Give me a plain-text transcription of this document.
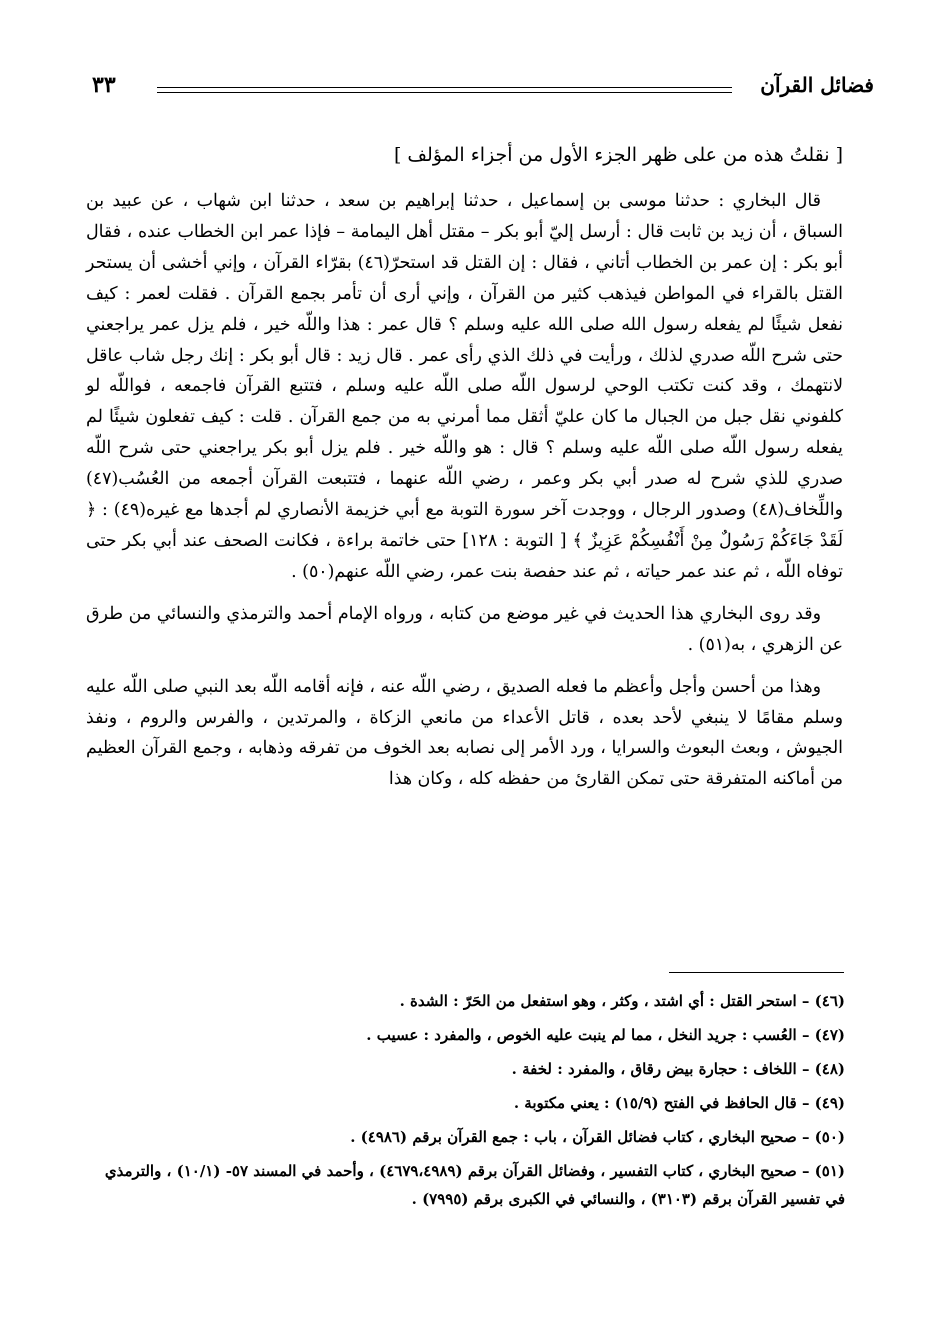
فضائل القرآن
٣٣
[ نقلتُ هذه من على ظهر الجزء الأول من أجزاء المؤلف ]

قال البخاري : حدثنا موسى بن إسماعيل ، حدثنا إبراهيم بن سعد ، حدثنا ابن شهاب ، عن عبيد بن السباق ، أن زيد بن ثابت قال : أرسل إليّ أبو بكر – مقتل أهل اليمامة – فإذا عمر ابن الخطاب عنده ، فقال أبو بكر : إن عمر بن الخطاب أتاني ، فقال : إن القتل قد استحرّ(٤٦) بقرّاء القرآن ، وإني أخشى أن يستحر القتل بالقراء في المواطن فيذهب كثير من القرآن ، وإني أرى أن تأمر بجمع القرآن . فقلت لعمر : كيف نفعل شيئًا لم يفعله رسول الله صلى الله عليه وسلم ؟ قال عمر : هذا واللّه خير ، فلم يزل عمر يراجعني حتى شرح اللّه صدري لذلك ، ورأيت في ذلك الذي رأى عمر . قال زيد : قال أبو بكر : إنك رجل شاب عاقل لانتهمك ، وقد كنت تكتب الوحي لرسول اللّه صلى اللّه عليه وسلم ، فتتبع القرآن فاجمعه ، فواللّه لو كلفوني نقل جبل من الجبال ما كان عليّ أثقل مما أمرني به من جمع القرآن . قلت : كيف تفعلون شيئًا لم يفعله رسول اللّه صلى اللّه عليه وسلم ؟ قال : هو واللّه خير . فلم يزل أبو بكر يراجعني حتى شرح اللّه صدري للذي شرح له صدر أبي بكر وعمر ، رضي اللّه عنهما ، فتتبعت القرآن أجمعه من العُسُب(٤٧) واللِّخاف(٤٨) وصدور الرجال ، ووجدت آخر سورة التوبة مع أبي خزيمة الأنصاري لم أجدها مع غيره(٤٩) : ﴿ لَقَدْ جَاءَكُمْ رَسُولٌ مِنْ أَنْفُسِكُمْ عَزِيزٌ ﴾ [ التوبة : ١٢٨] حتى خاتمة براءة ، فكانت الصحف عند أبي بكر حتى توفاه اللّه ، ثم عند عمر حياته ، ثم عند حفصة بنت عمر، رضي اللّه عنهم(٥٠) .

وقد روى البخاري هذا الحديث في غير موضع من كتابه ، ورواه الإمام أحمد والترمذي والنسائي من طرق عن الزهري ، به(٥١) .

وهذا من أحسن وأجل وأعظم ما فعله الصديق ، رضي اللّه عنه ، فإنه أقامه اللّه بعد النبي صلى اللّه عليه وسلم مقامًا لا ينبغي لأحد بعده ، قاتل الأعداء من مانعي الزكاة ، والمرتدين ، والفرس والروم ، ونفذ الجيوش ، وبعث البعوث والسرايا ، ورد الأمر إلى نصابه بعد الخوف من تفرقه وذهابه ، وجمع القرآن العظيم من أماكنه المتفرقة حتى تمكن القارئ من حفظه كله ، وكان هذا

(٤٦) – استحر القتل : أي اشتد ، وكثر ، وهو استفعل من الحَرّ : الشدة .
(٤٧) – العُسب : جريد النخل ، مما لم ينبت عليه الخوص ، والمفرد : عسيب .
(٤٨) – اللخاف : حجارة بيض رقاق ، والمفرد : لخفة .
(٤٩) – قال الحافظ في الفتح (١٥/٩) : يعني مكتوبة .
(٥٠) – صحيح البخاري ، كتاب فضائل القرآن ، باب : جمع القرآن برقم (٤٩٨٦) .
(٥١) – صحيح البخاري ، كتاب التفسير ، وفضائل القرآن برقم (٤٦٧٩،٤٩٨٩) ، وأحمد في المسند ٥٧- (١٠/١) ، والترمذي في تفسير القرآن برقم (٣١٠٣) ، والنسائي في الكبرى برقم (٧٩٩٥) .
